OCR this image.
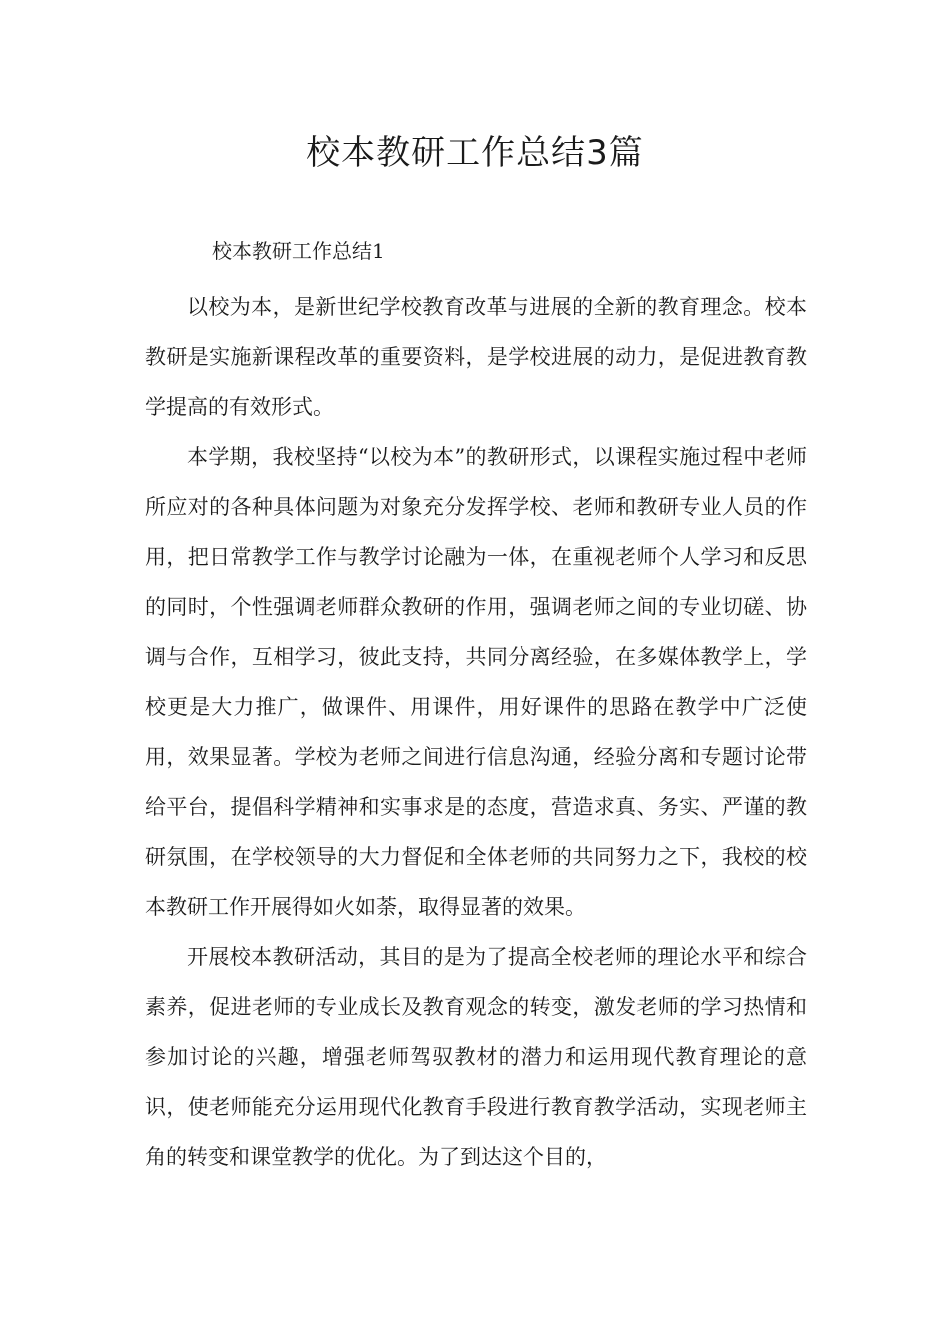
校本教研工作总结3篇
校本教研工作总结1

以校为本，是新世纪学校教育改革与进展的全新的教育理念。校本教研是实施新课程改革的重要资料，是学校进展的动力，是促进教育教学提高的有效形式。

本学期，我校坚持“以校为本”的教研形式，以课程实施过程中老师所应对的各种具体问题为对象充分发挥学校、老师和教研专业人员的作用，把日常教学工作与教学讨论融为一体，在重视老师个人学习和反思的同时，个性强调老师群众教研的作用，强调老师之间的专业切磋、协调与合作，互相学习，彼此支持，共同分离经验，在多媒体教学上，学校更是大力推广，做课件、用课件，用好课件的思路在教学中广泛使用，效果显著。学校为老师之间进行信息沟通，经验分离和专题讨论带给平台，提倡科学精神和实事求是的态度，营造求真、务实、严谨的教研氛围，在学校领导的大力督促和全体老师的共同努力之下，我校的校本教研工作开展得如火如荼，取得显著的效果。

开展校本教研活动，其目的是为了提高全校老师的理论水平和综合素养，促进老师的专业成长及教育观念的转变，激发老师的学习热情和参加讨论的兴趣，增强老师驾驭教材的潜力和运用现代教育理论的意识，使老师能充分运用现代化教育手段进行教育教学活动，实现老师主角的转变和课堂教学的优化。为了到达这个目的，
